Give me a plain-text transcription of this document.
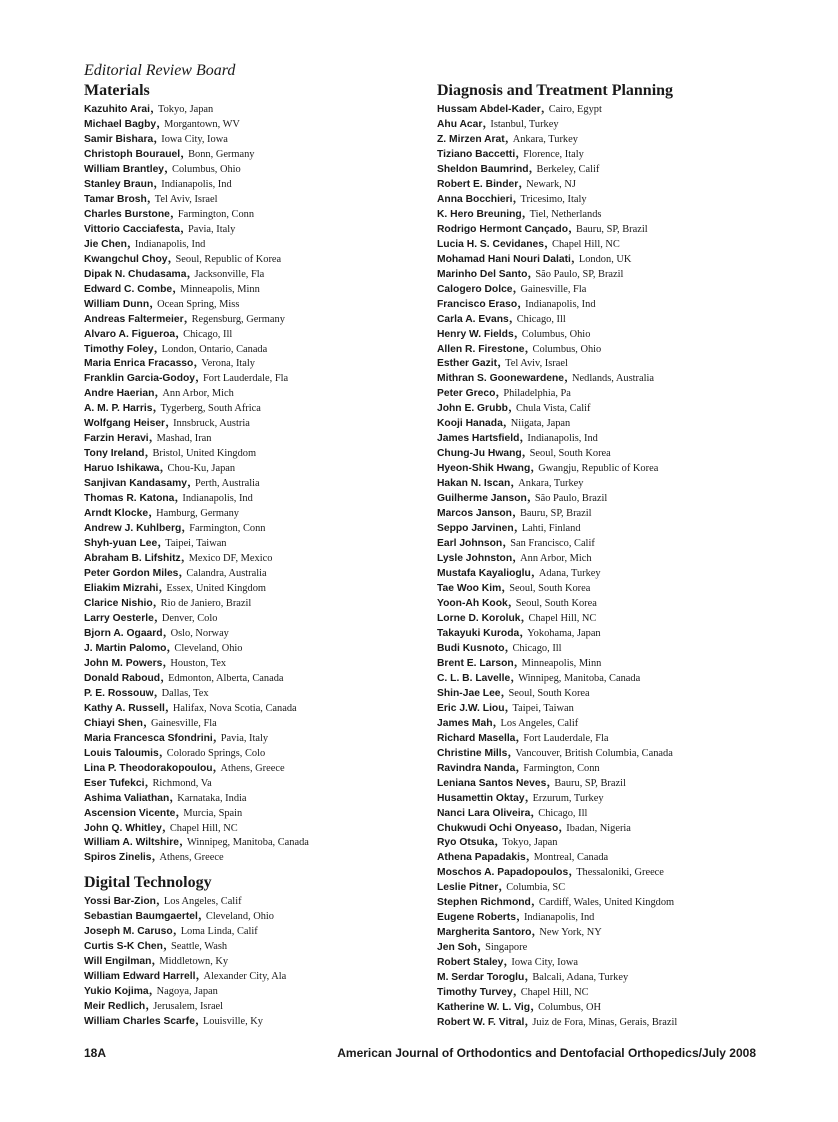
Editorial Review Board
Materials
Kazuhito Arai, Tokyo, Japan
Michael Bagby, Morgantown, WV
Samir Bishara, Iowa City, Iowa
Christoph Bourauel, Bonn, Germany
William Brantley, Columbus, Ohio
Stanley Braun, Indianapolis, Ind
Tamar Brosh, Tel Aviv, Israel
Charles Burstone, Farmington, Conn
Vittorio Cacciafesta, Pavia, Italy
Jie Chen, Indianapolis, Ind
Kwangchul Choy, Seoul, Republic of Korea
Dipak N. Chudasama, Jacksonville, Fla
Edward C. Combe, Minneapolis, Minn
William Dunn, Ocean Spring, Miss
Andreas Faltermeier, Regensburg, Germany
Alvaro A. Figueroa, Chicago, Ill
Timothy Foley, London, Ontario, Canada
Maria Enrica Fracasso, Verona, Italy
Franklin Garcia-Godoy, Fort Lauderdale, Fla
Andre Haerian, Ann Arbor, Mich
A. M. P. Harris, Tygerberg, South Africa
Wolfgang Heiser, Innsbruck, Austria
Farzin Heravi, Mashad, Iran
Tony Ireland, Bristol, United Kingdom
Haruo Ishikawa, Chou-Ku, Japan
Sanjivan Kandasamy, Perth, Australia
Thomas R. Katona, Indianapolis, Ind
Arndt Klocke, Hamburg, Germany
Andrew J. Kuhlberg, Farmington, Conn
Shyh-yuan Lee, Taipei, Taiwan
Abraham B. Lifshitz, Mexico DF, Mexico
Peter Gordon Miles, Calandra, Australia
Eliakim Mizrahi, Essex, United Kingdom
Clarice Nishio, Rio de Janiero, Brazil
Larry Oesterle, Denver, Colo
Bjorn A. Ogaard, Oslo, Norway
J. Martin Palomo, Cleveland, Ohio
John M. Powers, Houston, Tex
Donald Raboud, Edmonton, Alberta, Canada
P. E. Rossouw, Dallas, Tex
Kathy A. Russell, Halifax, Nova Scotia, Canada
Chiayi Shen, Gainesville, Fla
Maria Francesca Sfondrini, Pavia, Italy
Louis Taloumis, Colorado Springs, Colo
Lina P. Theodorakopoulou, Athens, Greece
Eser Tufekci, Richmond, Va
Ashima Valiathan, Karnataka, India
Ascension Vicente, Murcia, Spain
John Q. Whitley, Chapel Hill, NC
William A. Wiltshire, Winnipeg, Manitoba, Canada
Spiros Zinelis, Athens, Greece
Digital Technology
Yossi Bar-Zion, Los Angeles, Calif
Sebastian Baumgaertel, Cleveland, Ohio
Joseph M. Caruso, Loma Linda, Calif
Curtis S-K Chen, Seattle, Wash
Will Engilman, Middletown, Ky
William Edward Harrell, Alexander City, Ala
Yukio Kojima, Nagoya, Japan
Meir Redlich, Jerusalem, Israel
William Charles Scarfe, Louisville, Ky
Diagnosis and Treatment Planning
Hussam Abdel-Kader, Cairo, Egypt
Ahu Acar, Istanbul, Turkey
Z. Mirzen Arat, Ankara, Turkey
Tiziano Baccetti, Florence, Italy
Sheldon Baumrind, Berkeley, Calif
Robert E. Binder, Newark, NJ
Anna Bocchieri, Tricesimo, Italy
K. Hero Breuning, Tiel, Netherlands
Rodrigo Hermont Cançado, Bauru, SP, Brazil
Lucia H. S. Cevidanes, Chapel Hill, NC
Mohamad Hani Nouri Dalati, London, UK
Marinho Del Santo, São Paulo, SP, Brazil
Calogero Dolce, Gainesville, Fla
Francisco Eraso, Indianapolis, Ind
Carla A. Evans, Chicago, Ill
Henry W. Fields, Columbus, Ohio
Allen R. Firestone, Columbus, Ohio
Esther Gazit, Tel Aviv, Israel
Mithran S. Goonewardene, Nedlands, Australia
Peter Greco, Philadelphia, Pa
John E. Grubb, Chula Vista, Calif
Kooji Hanada, Niigata, Japan
James Hartsfield, Indianapolis, Ind
Chung-Ju Hwang, Seoul, South Korea
Hyeon-Shik Hwang, Gwangju, Republic of Korea
Hakan N. Iscan, Ankara, Turkey
Guilherme Janson, São Paulo, Brazil
Marcos Janson, Bauru, SP, Brazil
Seppo Jarvinen, Lahti, Finland
Earl Johnson, San Francisco, Calif
Lysle Johnston, Ann Arbor, Mich
Mustafa Kayalioglu, Adana, Turkey
Tae Woo Kim, Seoul, South Korea
Yoon-Ah Kook, Seoul, South Korea
Lorne D. Koroluk, Chapel Hill, NC
Takayuki Kuroda, Yokohama, Japan
Budi Kusnoto, Chicago, Ill
Brent E. Larson, Minneapolis, Minn
C. L. B. Lavelle, Winnipeg, Manitoba, Canada
Shin-Jae Lee, Seoul, South Korea
Eric J.W. Liou, Taipei, Taiwan
James Mah, Los Angeles, Calif
Richard Masella, Fort Lauderdale, Fla
Christine Mills, Vancouver, British Columbia, Canada
Ravindra Nanda, Farmington, Conn
Leniana Santos Neves, Bauru, SP, Brazil
Husamettin Oktay, Erzurum, Turkey
Nanci Lara Oliveira, Chicago, Ill
Chukwudi Ochi Onyeaso, Ibadan, Nigeria
Ryo Otsuka, Tokyo, Japan
Athena Papadakis, Montreal, Canada
Moschos A. Papadopoulos, Thessaloniki, Greece
Leslie Pitner, Columbia, SC
Stephen Richmond, Cardiff, Wales, United Kingdom
Eugene Roberts, Indianapolis, Ind
Margherita Santoro, New York, NY
Jen Soh, Singapore
Robert Staley, Iowa City, Iowa
M. Serdar Toroglu, Balcali, Adana, Turkey
Timothy Turvey, Chapel Hill, NC
Katherine W. L. Vig, Columbus, OH
Robert W. F. Vitral, Juiz de Fora, Minas, Gerais, Brazil
18A	American Journal of Orthodontics and Dentofacial Orthopedics/July 2008
